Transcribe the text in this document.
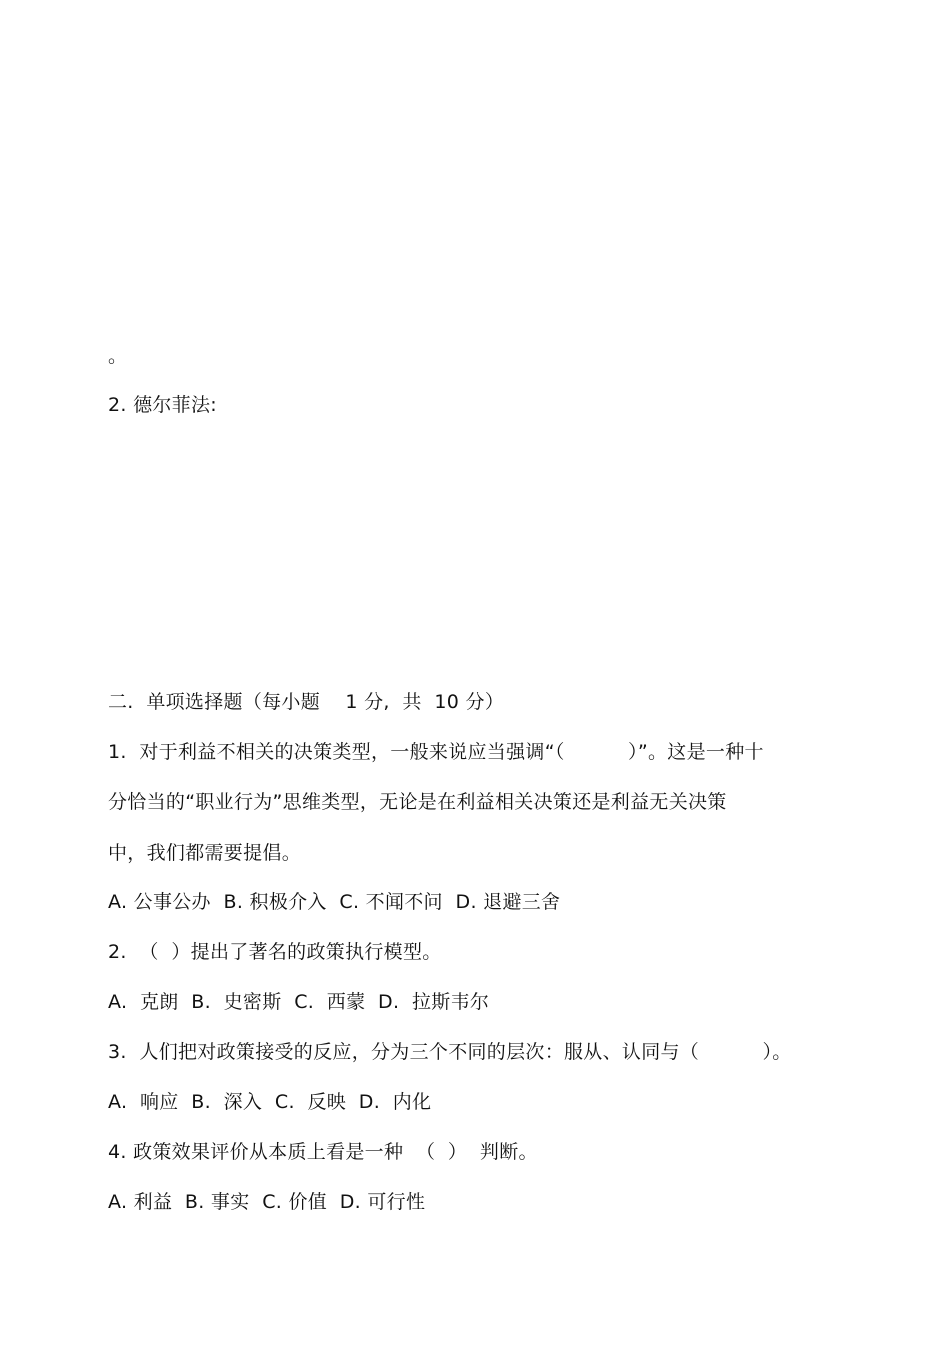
。
2. 德尔菲法:
二.  单项选择题（每小题    1 分,  共  10 分）
1.  对于利益不相关的决策类型，一般来说应当强调“（          ）”。这是一种十
分恰当的“职业行为”思维类型，无论是在利益相关决策还是利益无关决策
中，我们都需要提倡。
A. 公事公办  B. 积极介入  C. 不闻不问  D. 退避三舍
2.  （  ）提出了著名的政策执行模型。
A.  克朗  B.  史密斯  C.  西蒙  D.  拉斯韦尔
3.  人们把对政策接受的反应，分为三个不同的层次：服从、认同与（          ）。
A.  响应  B.  深入  C.  反映  D.  内化
4. 政策效果评价从本质上看是一种  （  ）  判断。
A. 利益  B. 事实  C. 价值  D. 可行性
